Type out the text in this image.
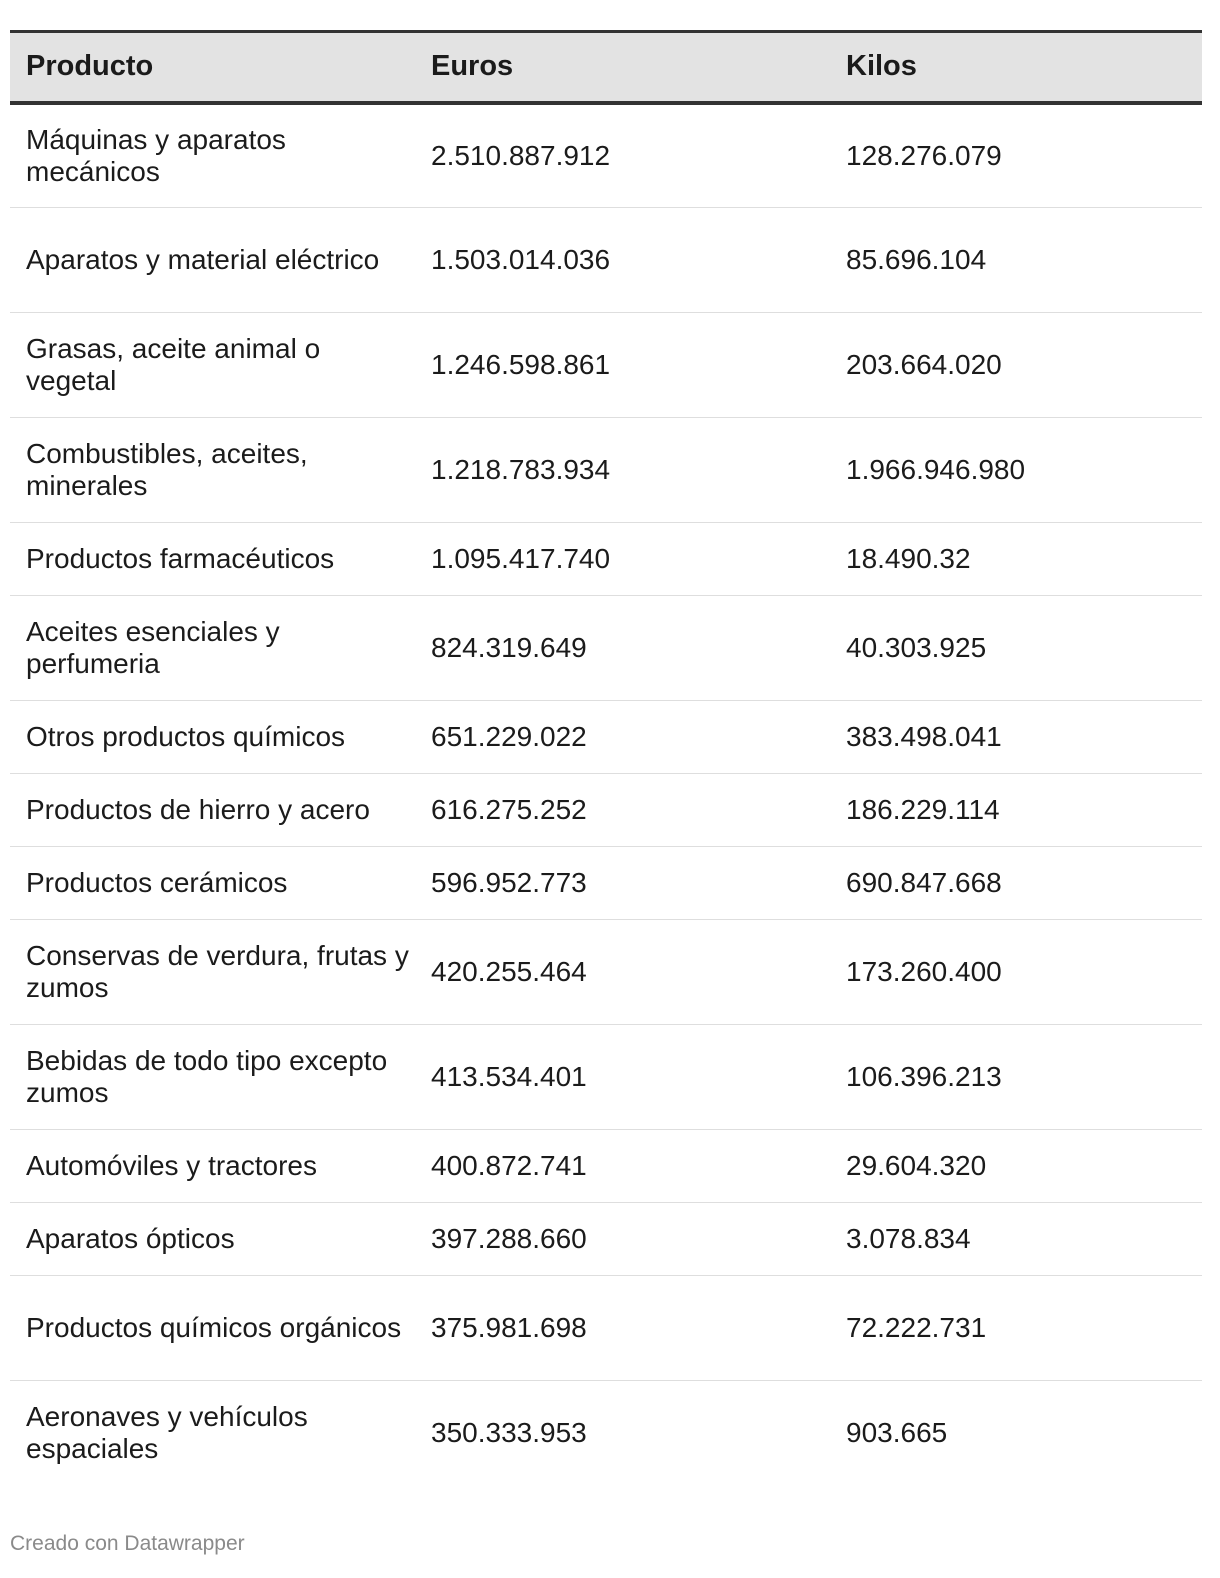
Producto	Euros	Kilos
Máquinas y aparatos mecánicos	2.510.887.912	128.276.079
Aparatos y material eléctrico	1.503.014.036	85.696.104
Grasas, aceite animal o vegetal	1.246.598.861	203.664.020
Combustibles, aceites, minerales	1.218.783.934	1.966.946.980
Productos farmacéuticos	1.095.417.740	18.490.32
Aceites esenciales y perfumeria	824.319.649	40.303.925
Otros productos químicos	651.229.022	383.498.041
Productos de hierro y acero	616.275.252	186.229.114
Productos cerámicos	596.952.773	690.847.668
Conservas de verdura, frutas y zumos	420.255.464	173.260.400
Bebidas de todo tipo excepto zumos	413.534.401	106.396.213
Automóviles y tractores	400.872.741	29.604.320
Aparatos ópticos	397.288.660	3.078.834
Productos químicos orgánicos	375.981.698	72.222.731
Aeronaves y vehículos espaciales	350.333.953	903.665
Creado con Datawrapper
